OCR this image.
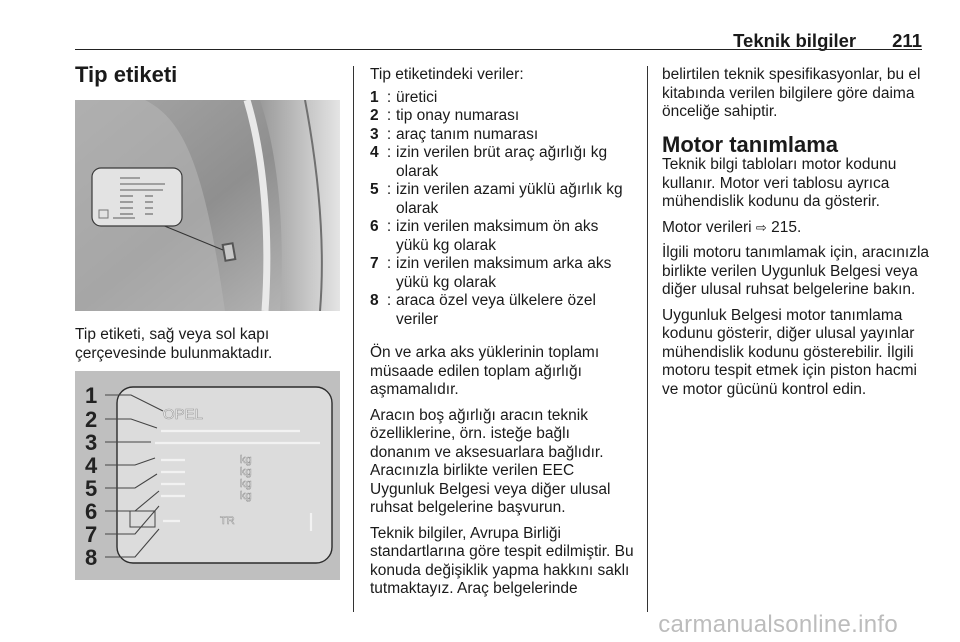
Teknik bilgiler 211
Tip etiketi

Tip etiketi, sağ veya sol kapı çerçevesinde bulunmaktadır.

1
2
3
4
5
6
7
8
OPEL
kg
kg
kg
kg
TR

Tip etiketindeki veriler:

1 : üretici
2 : tip onay numarası
3 : araç tanım numarası
4 : izin verilen brüt araç ağırlığı kg olarak
5 : izin verilen azami yüklü ağırlık kg olarak
6 : izin verilen maksimum ön aks yükü kg olarak
7 : izin verilen maksimum arka aks yükü kg olarak
8 : araca özel veya ülkelere özel veriler

Ön ve arka aks yüklerinin toplamı müsaade edilen toplam ağırlığı aşmamalıdır.

Aracın boş ağırlığı aracın teknik özelliklerine, örn. isteğe bağlı donanım ve aksesuarlara bağlıdır. Aracınızla birlikte verilen EEC Uygunluk Belgesi veya diğer ulusal ruhsat belgelerine başvurun.

Teknik bilgiler, Avrupa Birliği standartlarına göre tespit edilmiştir. Bu konuda değişiklik yapma hakkını saklı tutmaktayız. Araç belgelerinde

belirtilen teknik spesifikasyonlar, bu el kitabında verilen bilgilere göre daima önceliğe sahiptir.

Motor tanımlama

Teknik bilgi tabloları motor kodunu kullanır. Motor veri tablosu ayrıca mühendislik kodunu da gösterir.

Motor verileri ⇨ 215.

İlgili motoru tanımlamak için, aracınızla birlikte verilen Uygunluk Belgesi veya diğer ulusal ruhsat belgelerine bakın.

Uygunluk Belgesi motor tanımlama kodunu gösterir, diğer ulusal yayınlar mühendislik kodunu gösterebilir. İlgili motoru tespit etmek için piston hacmi ve motor gücünü kontrol edin.

carmanualsonline.info
